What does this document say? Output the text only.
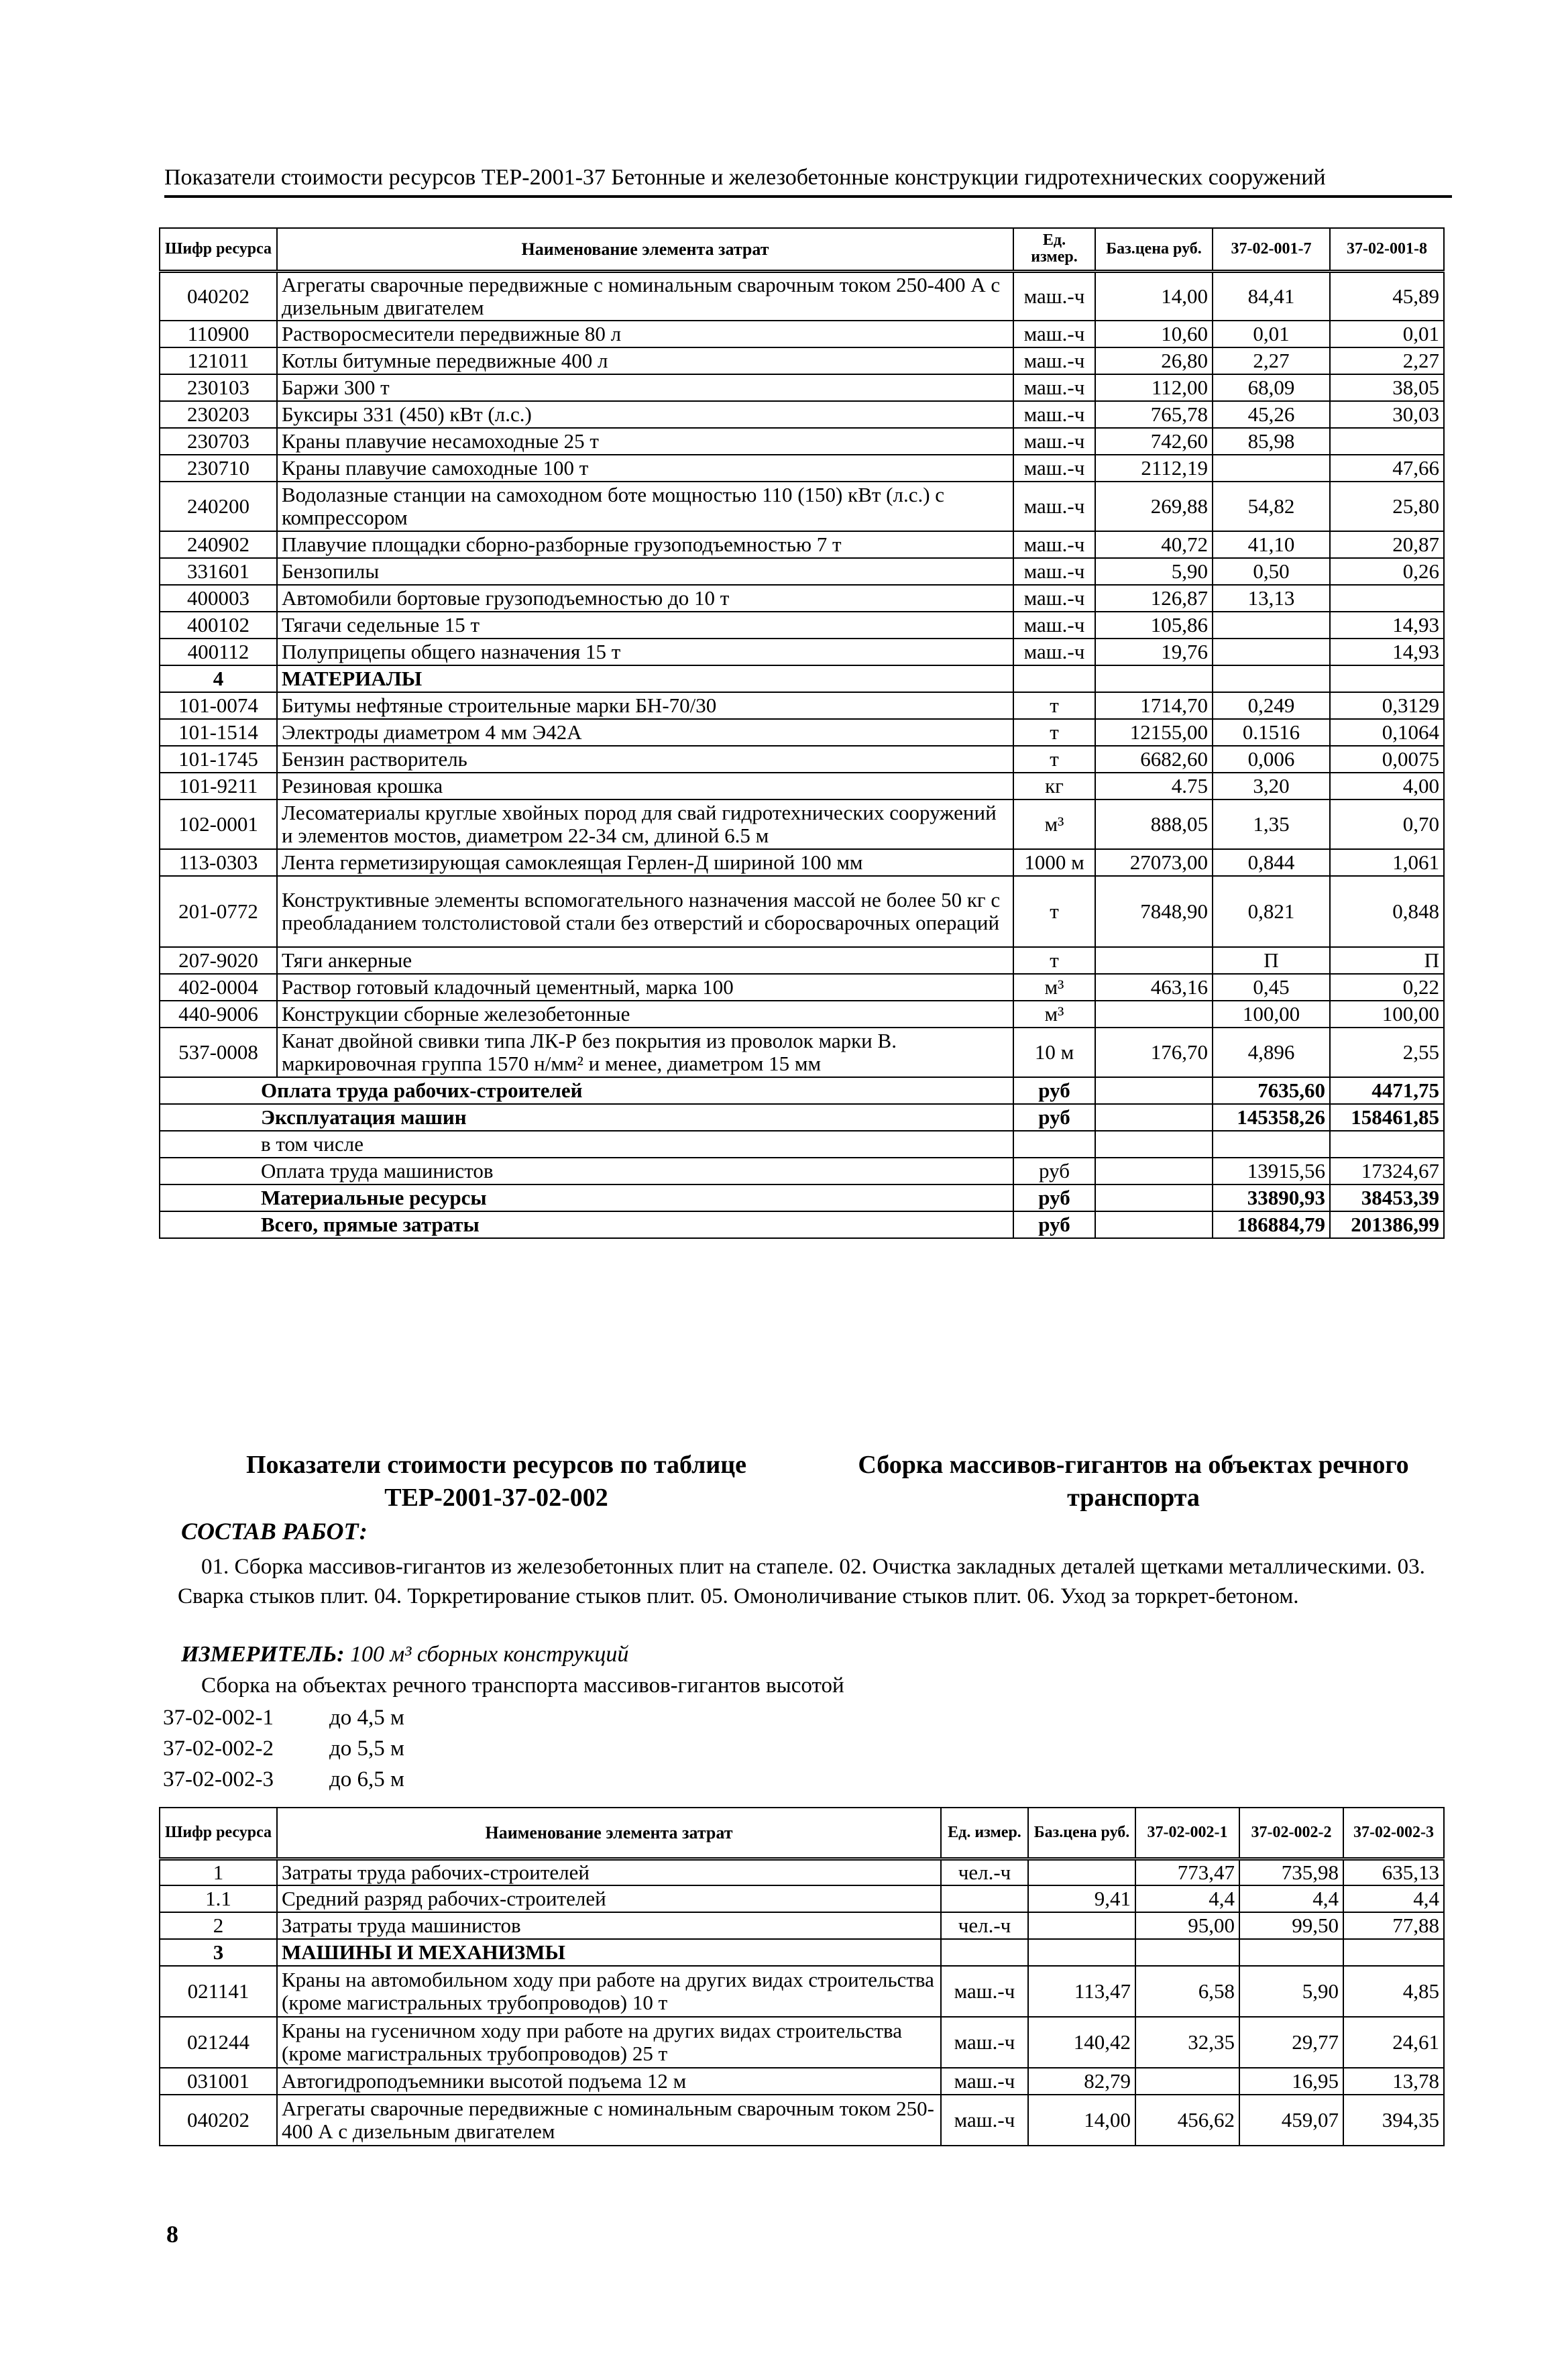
Показатели стоимости ресурсов ТЕР-2001-37 Бетонные и железобетонные конструкции гидротехнических сооружений
Шифр ресурса	Наименование элемента затрат	Ед. измер.	Баз.цена руб.	37-02-001-7	37-02-001-8
040202	Агрегаты сварочные передвижные с номинальным сварочным током 250-400 А с дизельным двигателем	маш.-ч	14,00	84,41	45,89
110900	Растворосмесители передвижные 80 л	маш.-ч	10,60	0,01	0,01
121011	Котлы битумные передвижные 400 л	маш.-ч	26,80	2,27	2,27
230103	Баржи 300 т	маш.-ч	112,00	68,09	38,05
230203	Буксиры 331 (450) кВт (л.с.)	маш.-ч	765,78	45,26	30,03
230703	Краны плавучие несамоходные 25 т	маш.-ч	742,60	85,98	
230710	Краны плавучие самоходные 100 т	маш.-ч	2112,19		47,66
240200	Водолазные станции на самоходном боте мощностью 110 (150) кВт (л.с.) с компрессором	маш.-ч	269,88	54,82	25,80
240902	Плавучие площадки сборно-разборные грузоподъемностью 7 т	маш.-ч	40,72	41,10	20,87
331601	Бензопилы	маш.-ч	5,90	0,50	0,26
400003	Автомобили бортовые грузоподъемностью до 10 т	маш.-ч	126,87	13,13	
400102	Тягачи седельные 15 т	маш.-ч	105,86		14,93
400112	Полуприцепы общего назначения 15 т	маш.-ч	19,76		14,93
4	МАТЕРИАЛЫ				
101-0074	Битумы нефтяные строительные марки БН-70/30	т	1714,70	0,249	0,3129
101-1514	Электроды диаметром 4 мм Э42А	т	12155,00	0.1516	0,1064
101-1745	Бензин растворитель	т	6682,60	0,006	0,0075
101-9211	Резиновая крошка	кг	4.75	3,20	4,00
102-0001	Лесоматериалы круглые хвойных пород для свай гидротехнических сооружений и элементов мостов, диаметром 22-34 см, длиной 6.5 м	м³	888,05	1,35	0,70
113-0303	Лента герметизирующая самоклеящая Герлен-Д шириной 100 мм	1000 м	27073,00	0,844	1,061
201-0772	Конструктивные элементы вспомогательного назначения массой не более 50 кг с преобладанием толстолистовой стали без отверстий и сборосварочных операций	т	7848,90	0,821	0,848
207-9020	Тяги анкерные	т		П	П
402-0004	Раствор готовый кладочный цементный, марка 100	м³	463,16	0,45	0,22
440-9006	Конструкции сборные железобетонные	м³		100,00	100,00
537-0008	Канат двойной свивки типа ЛК-Р без покрытия из проволок марки В. маркировочная группа 1570 н/мм² и менее, диаметром 15 мм	10 м	176,70	4,896	2,55
Оплата труда рабочих-строителей		руб		7635,60	4471,75
Эксплуатация машин		руб		145358,26	158461,85
в том числе					
Оплата труда машинистов		руб		13915,56	17324,67
Материальные ресурсы		руб		33890,93	38453,39
Всего, прямые затраты		руб		186884,79	201386,99
Показатели стоимости ресурсов по таблице ТЕР-2001-37-02-002
Сборка массивов-гигантов на объектах речного транспорта
СОСТАВ РАБОТ:
01. Сборка массивов-гигантов из железобетонных плит на стапеле. 02. Очистка закладных деталей щетками металлическими. 03. Сварка стыков плит. 04. Торкретирование стыков плит. 05. Омоноличивание стыков плит. 06. Уход за торкрет-бетоном.
ИЗМЕРИТЕЛЬ: 100 м³ сборных конструкций
Сборка на объектах речного транспорта массивов-гигантов высотой
37-02-002-1	до 4,5 м
37-02-002-2	до 5,5 м
37-02-002-3	до 6,5 м
Шифр ресурса	Наименование элемента затрат	Ед. измер.	Баз.цена руб.	37-02-002-1	37-02-002-2	37-02-002-3
1	Затраты труда рабочих-строителей	чел.-ч		773,47	735,98	635,13
1.1	Средний разряд рабочих-строителей		9,41	4,4	4,4	4,4
2	Затраты труда машинистов	чел.-ч		95,00	99,50	77,88
3	МАШИНЫ И МЕХАНИЗМЫ					
021141	Краны на автомобильном ходу при работе на других видах строительства (кроме магистральных трубопроводов) 10 т	маш.-ч	113,47	6,58	5,90	4,85
021244	Краны на гусеничном ходу при работе на других видах строительства (кроме магистральных трубопроводов) 25 т	маш.-ч	140,42	32,35	29,77	24,61
031001	Автогидроподъемники высотой подъема 12 м	маш.-ч	82,79		16,95	13,78
040202	Агрегаты сварочные передвижные с номинальным сварочным током 250-400 А с дизельным двигателем	маш.-ч	14,00	456,62	459,07	394,35
8
